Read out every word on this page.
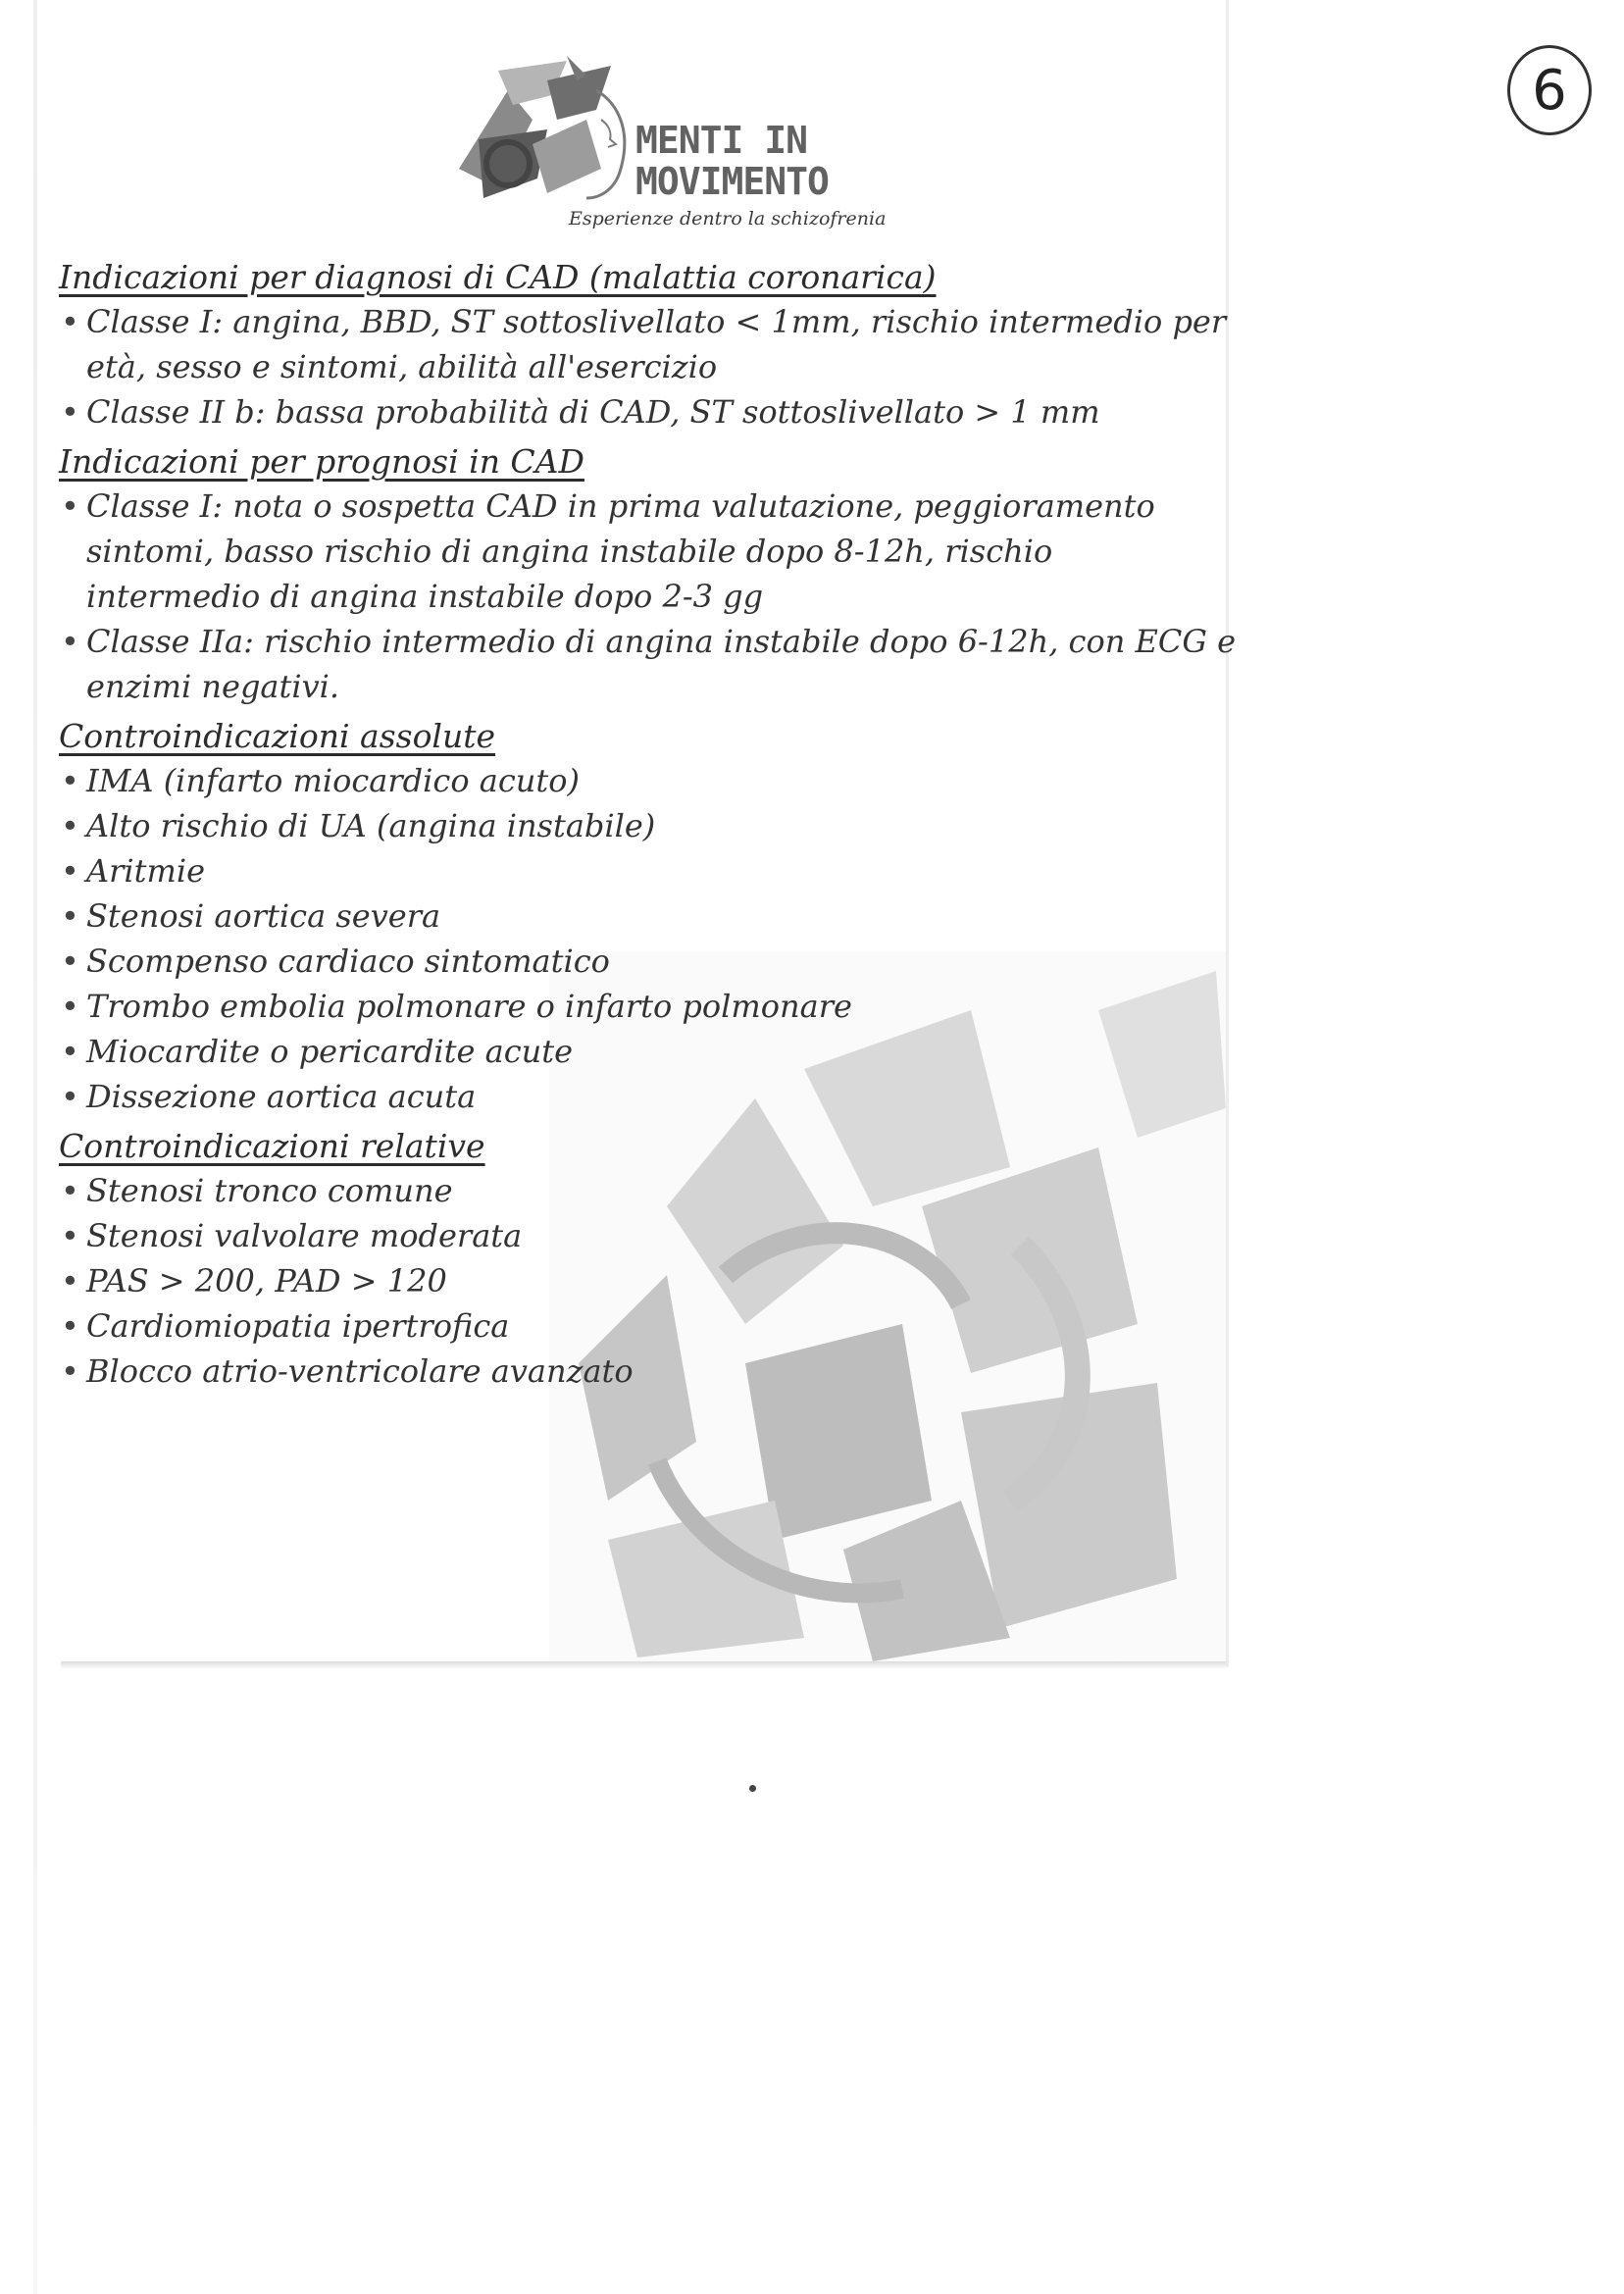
6
MENTI IN
MOVIMENTO
Esperienze dentro la schizofrenia
Indicazioni per diagnosi di CAD (malattia coronarica)
• Classe I: angina, BBD, ST sottoslivellato < 1mm, rischio intermedio per età, sesso e sintomi, abilità all'esercizio
• Classe II b: bassa probabilità di CAD, ST sottoslivellato > 1 mm
Indicazioni per prognosi in CAD
• Classe I: nota o sospetta CAD in prima valutazione, peggioramento sintomi, basso rischio di angina instabile dopo 8-12h, rischio intermedio di angina instabile dopo 2-3 gg
• Classe IIa: rischio intermedio di angina instabile dopo 6-12h, con ECG e enzimi negativi.
Controindicazioni assolute
• IMA (infarto miocardico acuto)
• Alto rischio di UA (angina instabile)
• Aritmie
• Stenosi aortica severa
• Scompenso cardiaco sintomatico
• Trombo embolia polmonare o infarto polmonare
• Miocardite o pericardite acute
• Dissezione aortica acuta
Controindicazioni relative
• Stenosi tronco comune
• Stenosi valvolare moderata
• PAS > 200, PAD > 120
• Cardiomiopatia ipertrofica
• Blocco atrio-ventricolare avanzato
